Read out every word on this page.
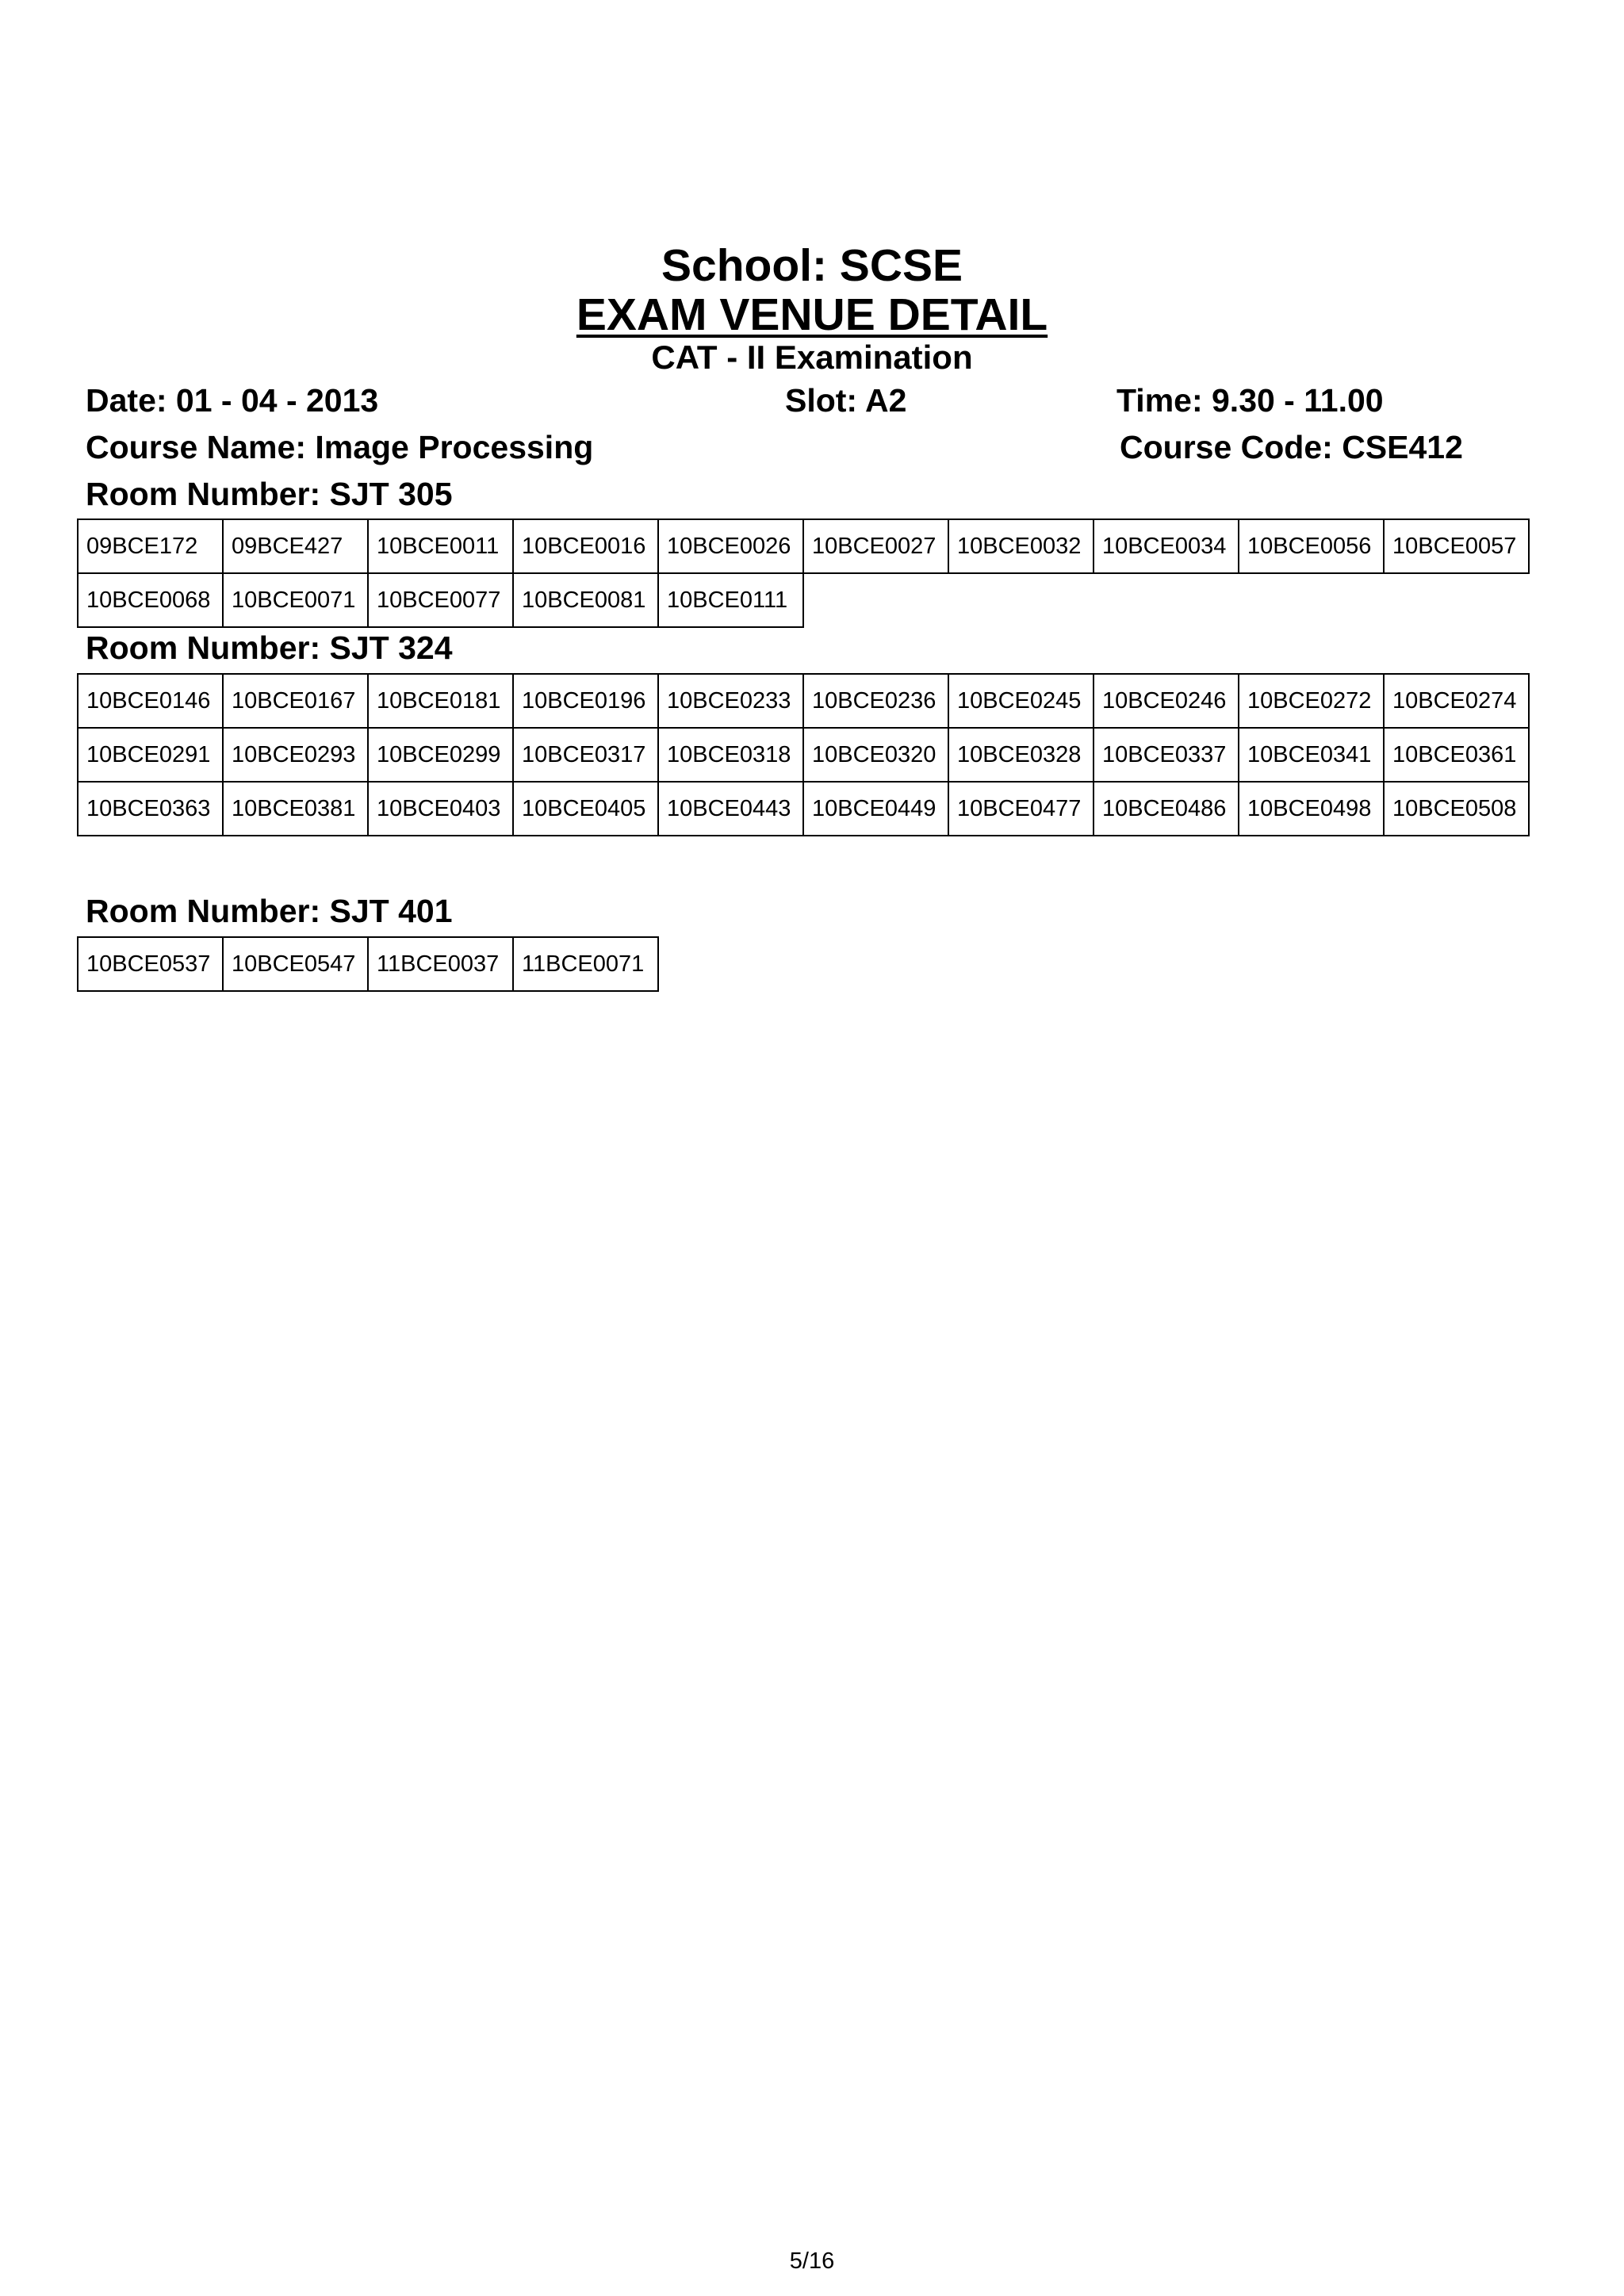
School: SCSE
EXAM VENUE DETAIL
CAT - II Examination
Date: 01 - 04 - 2013	Slot: A2	Time: 9.30 - 11.00
Course Name: Image Processing	Course Code: CSE412
Room Number: SJT 305
09BCE172	09BCE427	10BCE0011	10BCE0016	10BCE0026	10BCE0027	10BCE0032	10BCE0034	10BCE0056	10BCE0057
10BCE0068	10BCE0071	10BCE0077	10BCE0081	10BCE0111
Room Number: SJT 324
10BCE0146	10BCE0167	10BCE0181	10BCE0196	10BCE0233	10BCE0236	10BCE0245	10BCE0246	10BCE0272	10BCE0274
10BCE0291	10BCE0293	10BCE0299	10BCE0317	10BCE0318	10BCE0320	10BCE0328	10BCE0337	10BCE0341	10BCE0361
10BCE0363	10BCE0381	10BCE0403	10BCE0405	10BCE0443	10BCE0449	10BCE0477	10BCE0486	10BCE0498	10BCE0508
Room Number: SJT 401
10BCE0537	10BCE0547	11BCE0037	11BCE0071
5/16
